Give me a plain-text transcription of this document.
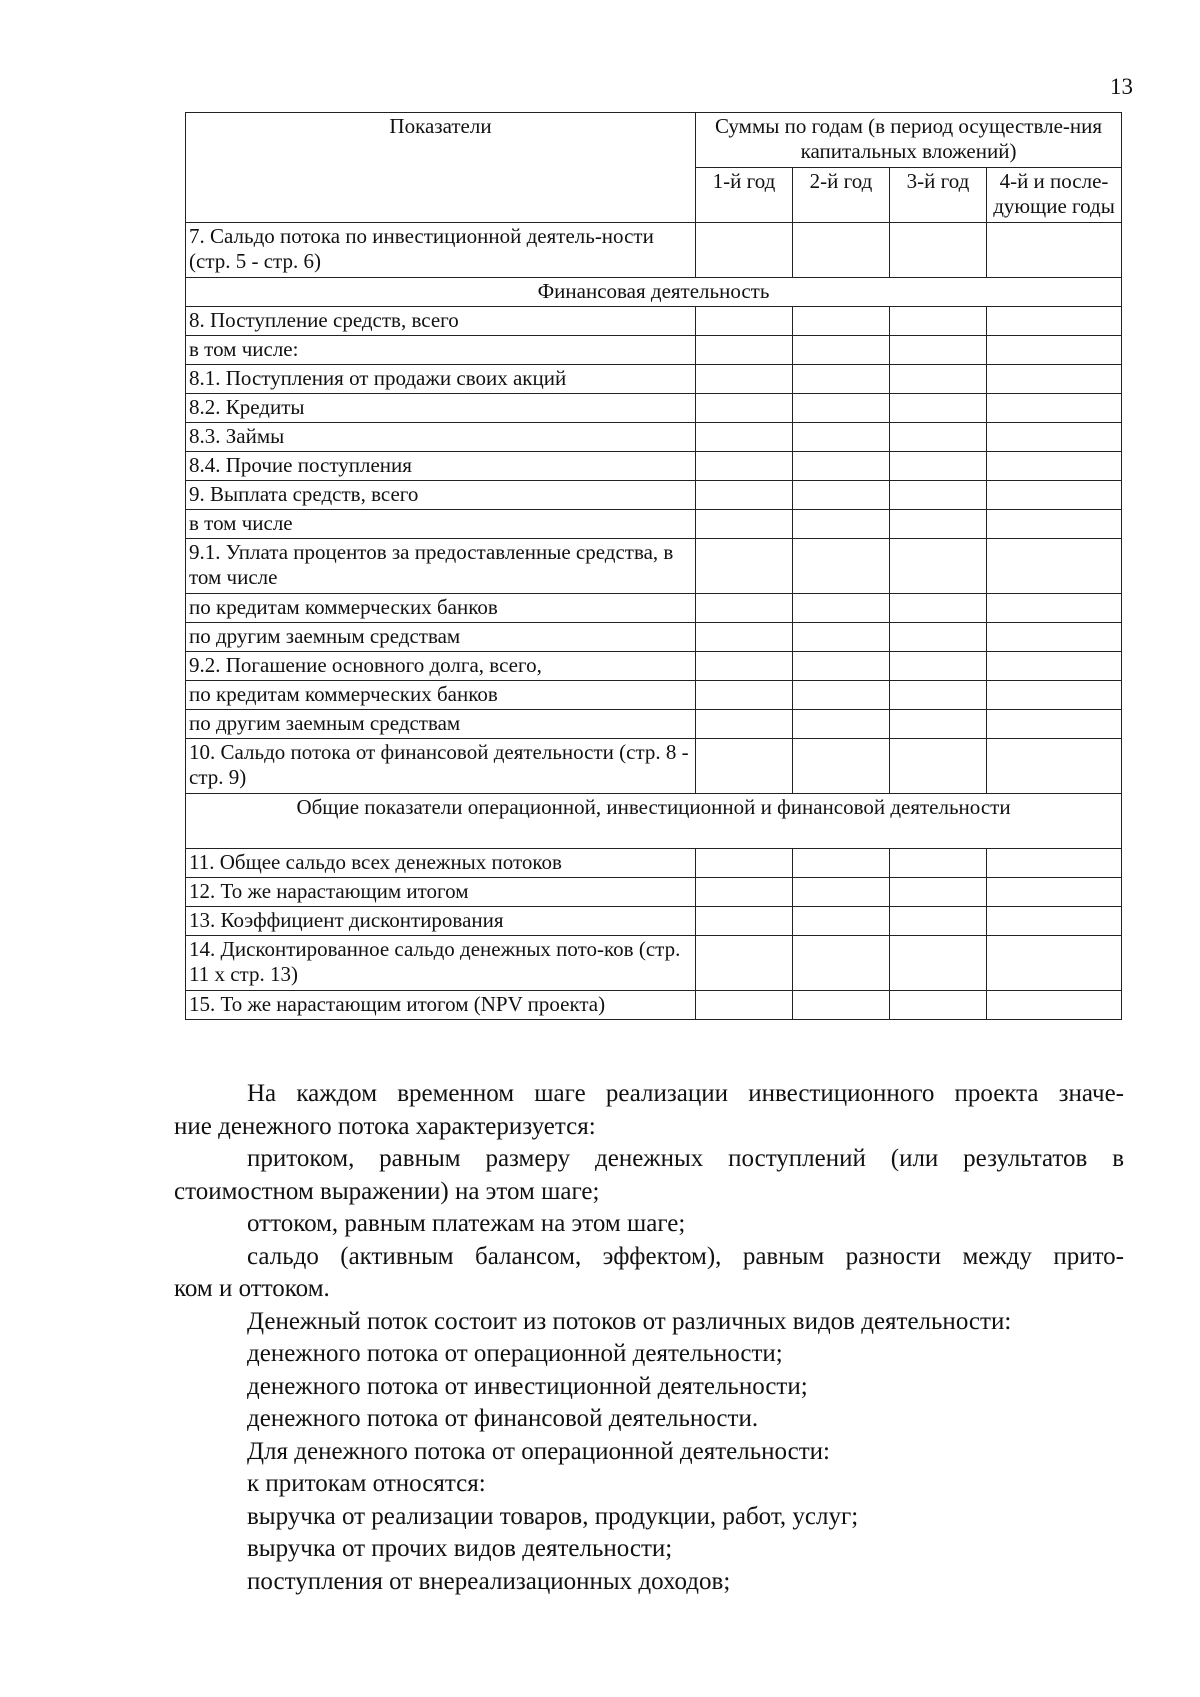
13
Показатели	Суммы по годам (в период осуществле-ния капитальных вложений)			
	1-й год	2-й год	3-й год	4-й и после-дующие годы
7. Сальдо потока по инвестиционной деятель-ности (стр. 5 - стр. 6)				
Финансовая деятельность				
8. Поступление средств, всего				
в том числе:				
8.1. Поступления от продажи своих акций				
8.2. Кредиты				
8.3. Займы				
8.4. Прочие поступления				
9. Выплата средств, всего				
в том числе				
9.1. Уплата процентов за предоставленные средства, в том числе				
по кредитам коммерческих банков				
по другим заемным средствам				
9.2. Погашение основного долга, всего,				
по кредитам коммерческих банков				
по другим заемным средствам				
10. Сальдо потока от финансовой деятельности (стр. 8 - стр. 9)				
Общие показатели операционной, инвестиционной и финансовой деятельности				
11. Общее сальдо всех денежных потоков				
12. То же нарастающим итогом				
13. Коэффициент дисконтирования				
14. Дисконтированное сальдо денежных пото-ков (стр. 11 х стр. 13)				
15. То же нарастающим итогом (NPV проекта)				

На каждом временном шаге реализации инвестиционного проекта значе-

ние денежного потока характеризуется:

притоком, равным размеру денежных поступлений (или результатов в

стоимостном выражении) на этом шаге;

оттоком, равным платежам на этом шаге;

сальдо (активным балансом, эффектом), равным разности между прито-

ком и оттоком.

Денежный поток состоит из потоков от различных видов деятельности:

денежного потока от операционной деятельности;

денежного потока от инвестиционной деятельности;

денежного потока от финансовой деятельности.

Для денежного потока от операционной деятельности:

к притокам относятся:

выручка от реализации товаров, продукции, работ, услуг;

выручка от прочих видов деятельности;

поступления от внереализационных доходов;
